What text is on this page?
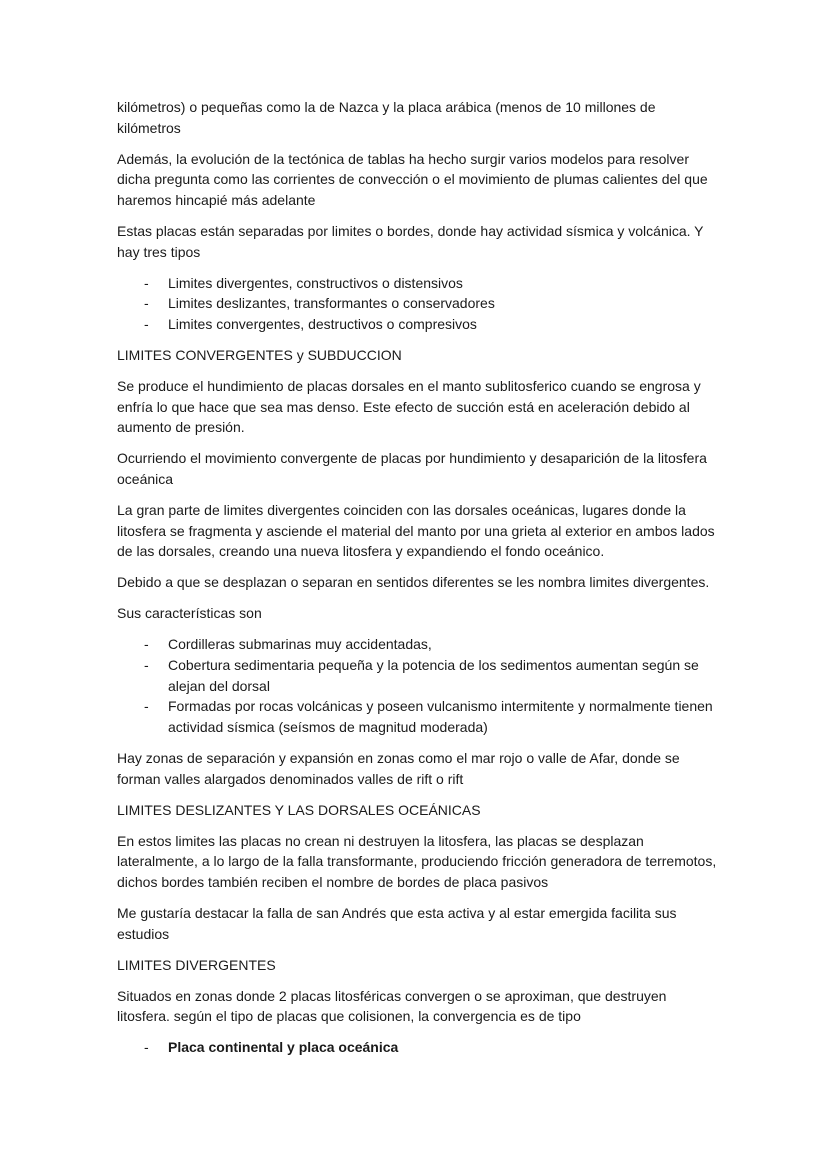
kilómetros) o pequeñas como la de Nazca y la placa arábica (menos de 10 millones de kilómetros

Además, la evolución de la tectónica de tablas ha hecho surgir varios modelos para resolver dicha pregunta como las corrientes de convección o el movimiento de plumas calientes del que haremos hincapié más adelante

Estas placas están separadas por limites o bordes, donde hay actividad sísmica y volcánica. Y hay tres tipos

- Limites divergentes, constructivos o distensivos
- Limites deslizantes, transformantes o conservadores
- Limites convergentes, destructivos o compresivos

LIMITES CONVERGENTES y SUBDUCCION

Se produce el hundimiento de placas dorsales en el manto sublitosferico cuando se engrosa y enfría lo que hace que sea mas denso. Este efecto de succión está en aceleración debido al aumento de presión.

Ocurriendo el movimiento convergente de placas por hundimiento y desaparición de la litosfera oceánica

La gran parte de limites divergentes coinciden con las dorsales oceánicas, lugares donde la litosfera se fragmenta y asciende el material del manto por una grieta al exterior en ambos lados de las dorsales, creando una nueva litosfera y expandiendo el fondo oceánico.

Debido a que se desplazan o separan en sentidos diferentes se les nombra limites divergentes.

Sus características son

- Cordilleras submarinas muy accidentadas,
- Cobertura sedimentaria pequeña y la potencia de los sedimentos aumentan según se alejan del dorsal
- Formadas por rocas volcánicas y poseen vulcanismo intermitente y normalmente tienen actividad sísmica (seísmos de magnitud moderada)

Hay zonas de separación y expansión en zonas como el mar rojo o valle de Afar, donde se forman valles alargados denominados valles de rift o rift

LIMITES DESLIZANTES Y LAS DORSALES OCEÁNICAS

En estos limites las placas no crean ni destruyen la litosfera, las placas se desplazan lateralmente, a lo largo de la falla transformante, produciendo fricción generadora de terremotos, dichos bordes también reciben el nombre de bordes de placa pasivos

Me gustaría destacar la falla de san Andrés que esta activa y al estar emergida facilita sus estudios

LIMITES DIVERGENTES

Situados en zonas donde 2 placas litosféricas convergen o se aproximan, que destruyen litosfera. según el tipo de placas que colisionen, la convergencia es de tipo

- Placa continental y placa oceánica
